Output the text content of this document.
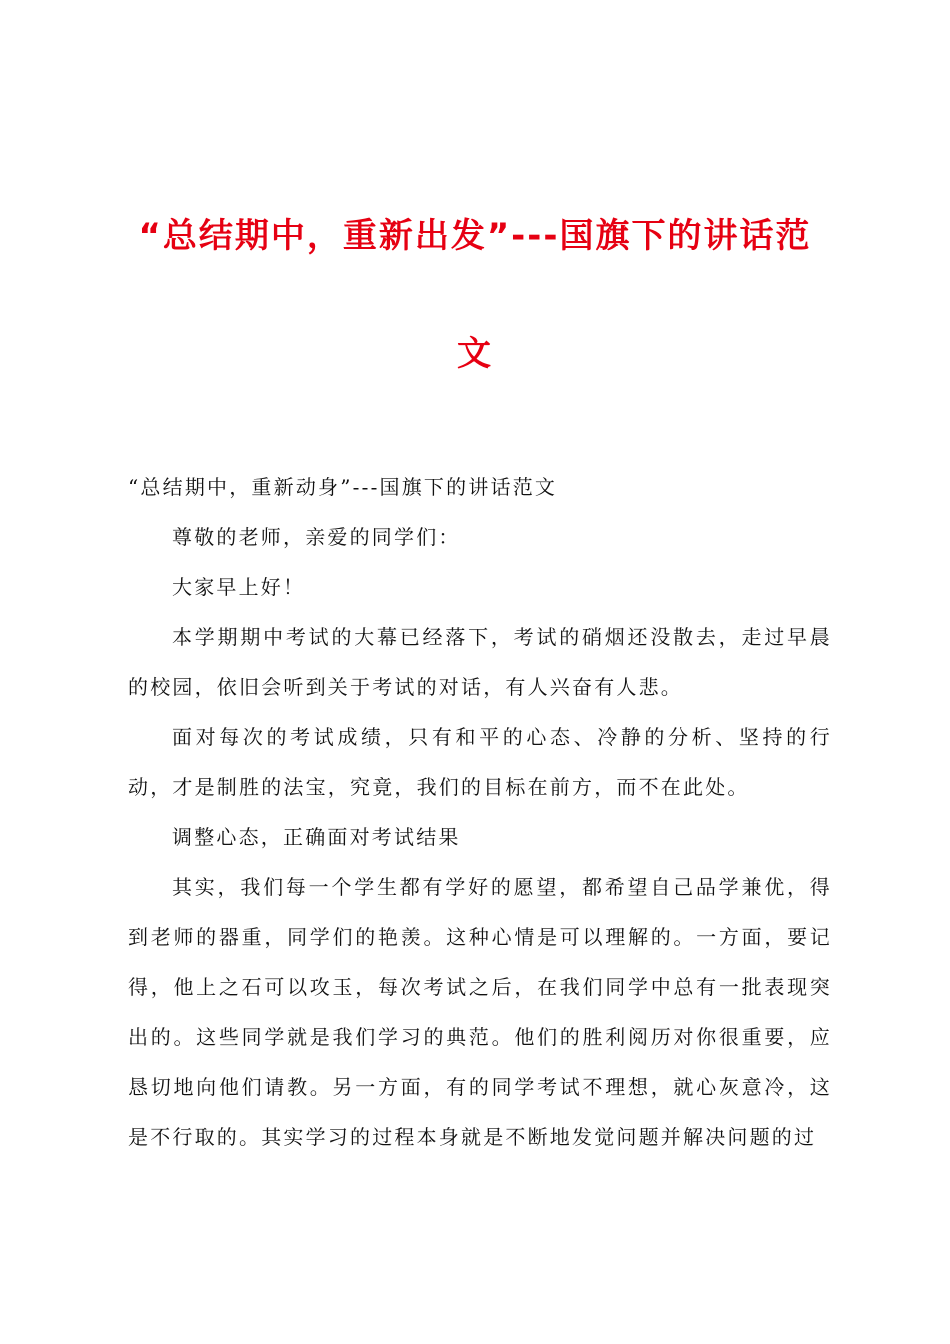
“总结期中，重新出发”---国旗下的讲话范
文

“总结期中，重新动身”---国旗下的讲话范文

尊敬的老师，亲爱的同学们：

大家早上好！

本学期期中考试的大幕已经落下，考试的硝烟还没散去，走过早晨的校园，依旧会听到关于考试的对话，有人兴奋有人悲。

面对每次的考试成绩，只有和平的心态、冷静的分析、坚持的行动，才是制胜的法宝，究竟，我们的目标在前方，而不在此处。

调整心态，正确面对考试结果

其实，我们每一个学生都有学好的愿望，都希望自己品学兼优，得到老师的器重，同学们的艳羡。这种心情是可以理解的。一方面，要记得，他上之石可以攻玉，每次考试之后，在我们同学中总有一批表现突出的。这些同学就是我们学习的典范。他们的胜利阅历对你很重要，应恳切地向他们请教。另一方面，有的同学考试不理想，就心灰意冷，这是不行取的。其实学习的过程本身就是不断地发觉问题并解决问题的过
